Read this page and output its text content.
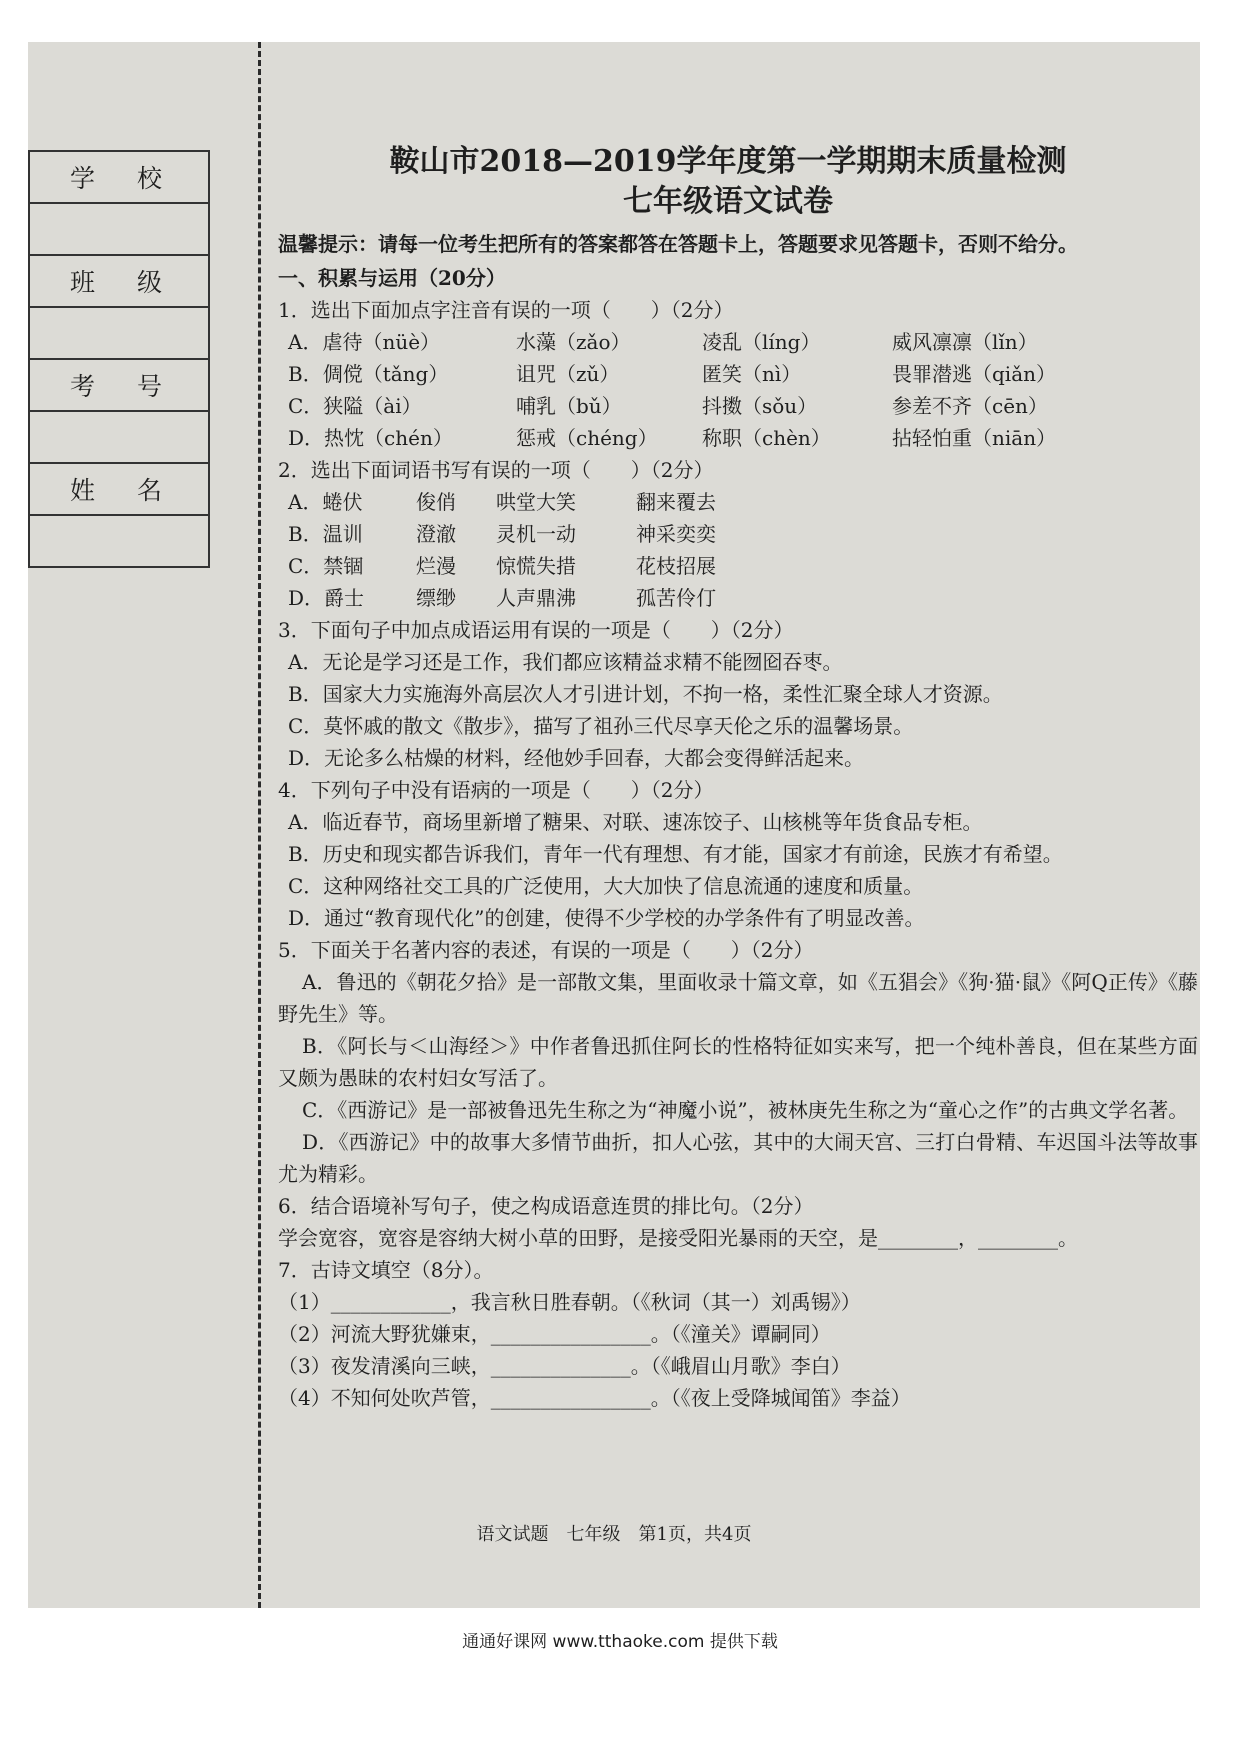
学校

班级

考号

姓名

鞍山市2018—2019学年度第一学期期末质量检测
七年级语文试卷
温馨提示：请每一位考生把所有的答案都答在答题卡上，答题要求见答题卡，否则不给分。
一、积累与运用（20分）
1．选出下面加点字注音有误的一项（　　）（2分）
A．虐待（nüè）	水藻（zǎo）	凌乱（líng）	威风凛凛（lǐn）
B．倜傥（tǎng）	诅咒（zǔ）	匿笑（nì）	畏罪潜逃（qiǎn）
C．狭隘（ài）	哺乳（bǔ）	抖擞（sǒu）	参差不齐（cēn）
D．热忱（chén）	惩戒（chéng）	称职（chèn）	拈轻怕重（niān）
2．选出下面词语书写有误的一项（　　）（2分）
A．蜷伏	俊俏	哄堂大笑	翻来覆去
B．温训	澄澈	灵机一动	神采奕奕
C．禁锢	烂漫	惊慌失措	花枝招展
D．爵士	缥缈	人声鼎沸	孤苦伶仃
3．下面句子中加点成语运用有误的一项是（　　）（2分）
A．无论是学习还是工作，我们都应该精益求精不能囫囵吞枣。
B．国家大力实施海外高层次人才引进计划，不拘一格，柔性汇聚全球人才资源。
C．莫怀戚的散文《散步》，描写了祖孙三代尽享天伦之乐的温馨场景。
D．无论多么枯燥的材料，经他妙手回春，大都会变得鲜活起来。
4．下列句子中没有语病的一项是（　　）（2分）
A．临近春节，商场里新增了糖果、对联、速冻饺子、山核桃等年货食品专柜。
B．历史和现实都告诉我们，青年一代有理想、有才能，国家才有前途，民族才有希望。
C．这种网络社交工具的广泛使用，大大加快了信息流通的速度和质量。
D．通过“教育现代化”的创建，使得不少学校的办学条件有了明显改善。
5．下面关于名著内容的表述，有误的一项是（　　）（2分）
A．鲁迅的《朝花夕拾》是一部散文集，里面收录十篇文章，如《五猖会》《狗·猫·鼠》《阿Q正传》《藤野先生》等。
B．《阿长与＜山海经＞》中作者鲁迅抓住阿长的性格特征如实来写，把一个纯朴善良，但在某些方面又颇为愚昧的农村妇女写活了。
C．《西游记》是一部被鲁迅先生称之为“神魔小说”，被林庚先生称之为“童心之作”的古典文学名著。
D．《西游记》中的故事大多情节曲折，扣人心弦，其中的大闹天宫、三打白骨精、车迟国斗法等故事尤为精彩。
6．结合语境补写句子，使之构成语意连贯的排比句。（2分）
学会宽容，宽容是容纳大树小草的田野，是接受阳光暴雨的天空，是________，________。
7．古诗文填空（8分）。
（1）____________，我言秋日胜春朝。（《秋词（其一）刘禹锡》）
（2）河流大野犹嫌束，________________。（《潼关》谭嗣同）
（3）夜发清溪向三峡，______________。（《峨眉山月歌》李白）
（4）不知何处吹芦管，________________。（《夜上受降城闻笛》李益）
语文试题　七年级　第1页，共4页
通通好课网 www.tthaoke.com 提供下载
